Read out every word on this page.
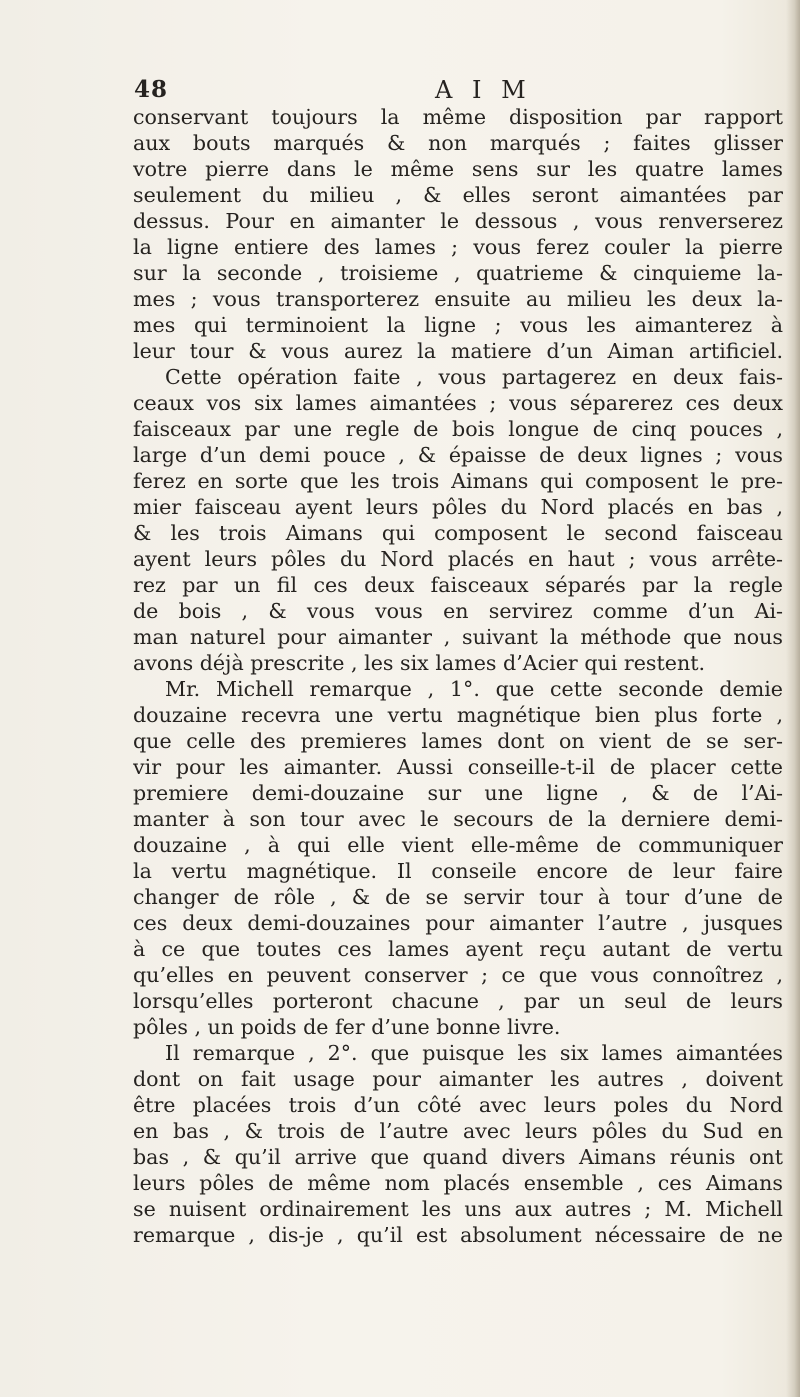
48	A I M
conservant toujours la même disposition par rapport
aux bouts marqués & non marqués ; faites glisser
votre pierre dans le même sens sur les quatre lames
seulement du milieu , & elles seront aimantées par
dessus. Pour en aimanter le dessous , vous renverserez
la ligne entiere des lames ; vous ferez couler la pierre
sur la seconde , troisieme , quatrieme & cinquieme la-
mes ; vous transporterez ensuite au milieu les deux la-
mes qui terminoient la ligne ; vous les aimanterez à
leur tour & vous aurez la matiere d’un Aiman artificiel.
Cette opération faite , vous partagerez en deux fais-
ceaux vos six lames aimantées ; vous séparerez ces deux
faisceaux par une regle de bois longue de cinq pouces ,
large d’un demi pouce , & épaisse de deux lignes ; vous
ferez en sorte que les trois Aimans qui composent le pre-
mier faisceau ayent leurs pôles du Nord placés en bas ,
& les trois Aimans qui composent le second faisceau
ayent leurs pôles du Nord placés en haut ; vous arrête-
rez par un fil ces deux faisceaux séparés par la regle
de bois , & vous vous en servirez comme d’un Ai-
man naturel pour aimanter , suivant la méthode que nous
avons déjà prescrite , les six lames d’Acier qui restent.
Mr. Michell remarque , 1°. que cette seconde demie
douzaine recevra une vertu magnétique bien plus forte ,
que celle des premieres lames dont on vient de se ser-
vir pour les aimanter. Aussi conseille-t-il de placer cette
premiere demi-douzaine sur une ligne , & de l’Ai-
manter à son tour avec le secours de la derniere demi-
douzaine , à qui elle vient elle-même de communiquer
la vertu magnétique. Il conseile encore de leur faire
changer de rôle , & de se servir tour à tour d’une de
ces deux demi-douzaines pour aimanter l’autre , jusques
à ce que toutes ces lames ayent reçu autant de vertu
qu’elles en peuvent conserver ; ce que vous connoîtrez ,
lorsqu’elles porteront chacune , par un seul de leurs
pôles , un poids de fer d’une bonne livre.
Il remarque , 2°. que puisque les six lames aimantées
dont on fait usage pour aimanter les autres , doivent
être placées trois d’un côté avec leurs poles du Nord
en bas , & trois de l’autre avec leurs pôles du Sud en
bas , & qu’il arrive que quand divers Aimans réunis ont
leurs pôles de même nom placés ensemble , ces Aimans
se nuisent ordinairement les uns aux autres ; M. Michell
remarque , dis-je , qu’il est absolument nécessaire de ne
